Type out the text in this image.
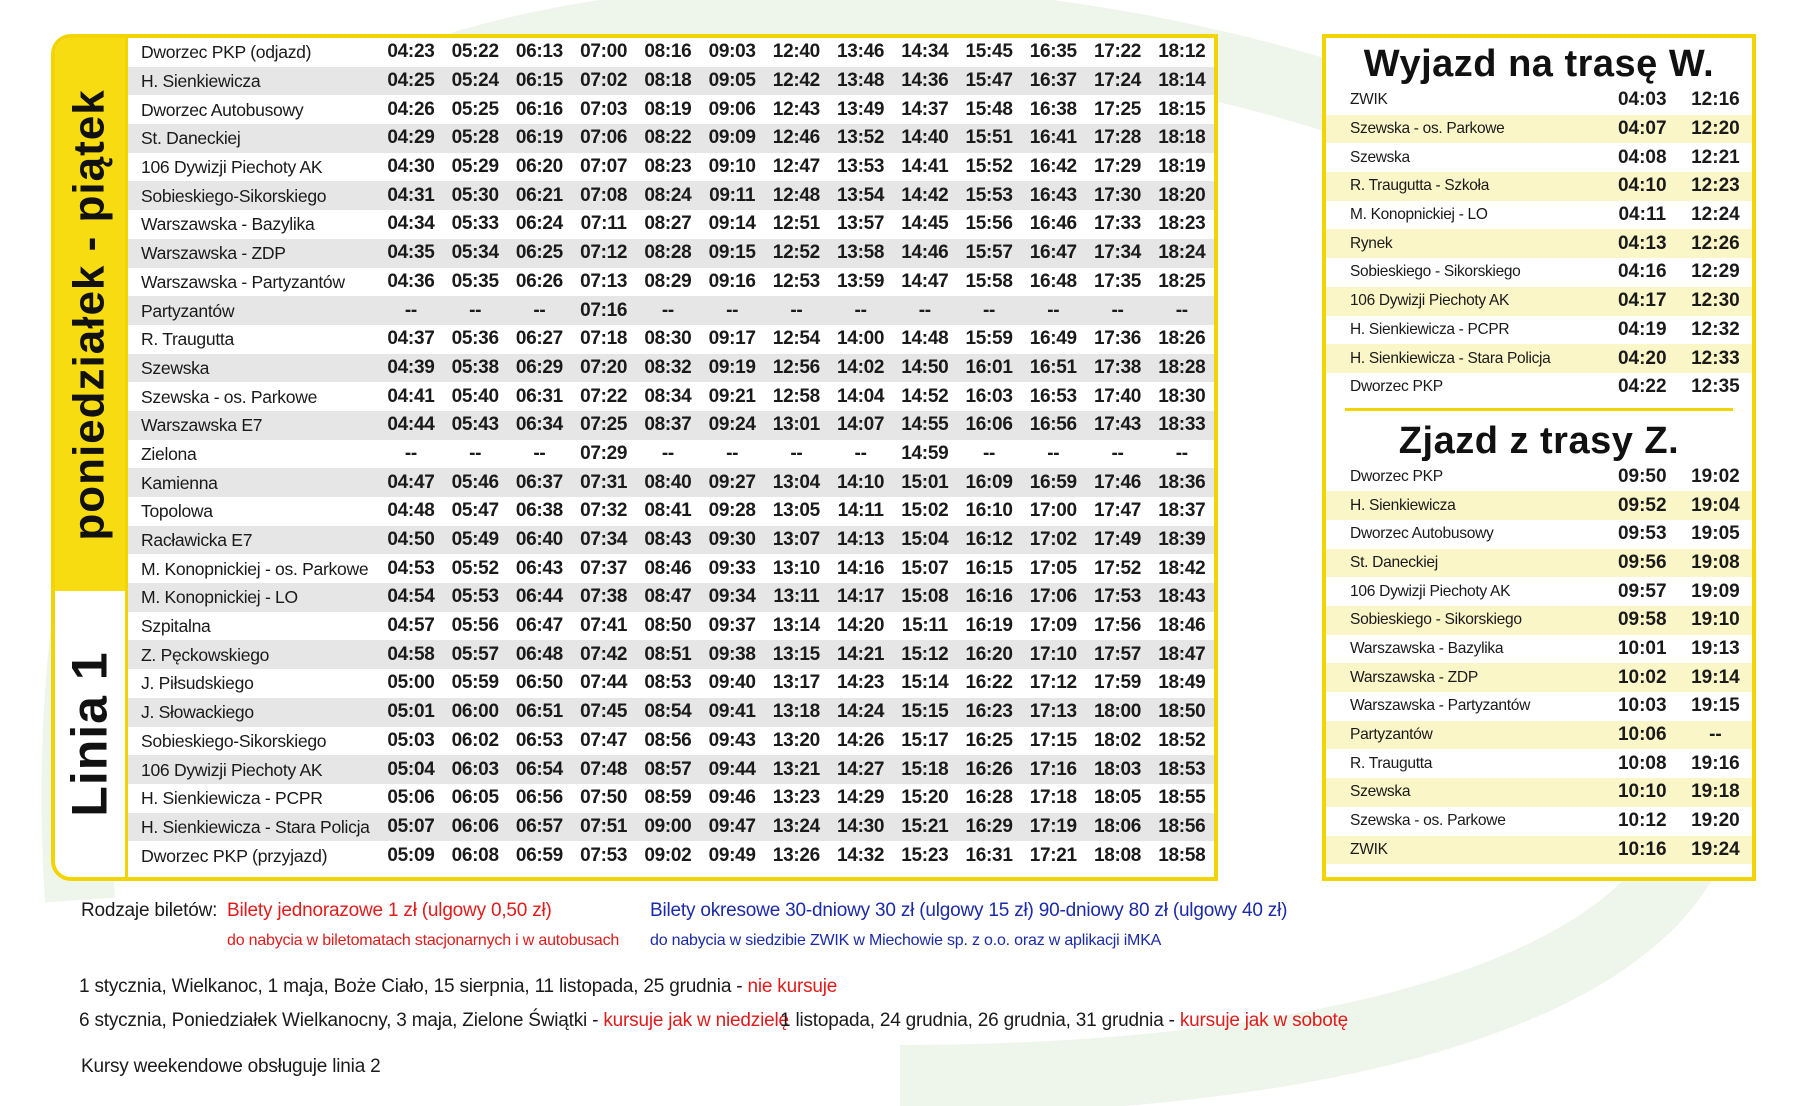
poniedziałek - piątek
Linia 1
Dworzec PKP (odjazd)	04:23	05:22	06:13	07:00	08:16	09:03	12:40	13:46	14:34	15:45	16:35	17:22	18:12
H. Sienkiewicza	04:25	05:24	06:15	07:02	08:18	09:05	12:42	13:48	14:36	15:47	16:37	17:24	18:14
Dworzec Autobusowy	04:26	05:25	06:16	07:03	08:19	09:06	12:43	13:49	14:37	15:48	16:38	17:25	18:15
St. Daneckiej	04:29	05:28	06:19	07:06	08:22	09:09	12:46	13:52	14:40	15:51	16:41	17:28	18:18
106 Dywizji Piechoty AK	04:30	05:29	06:20	07:07	08:23	09:10	12:47	13:53	14:41	15:52	16:42	17:29	18:19
Sobieskiego-Sikorskiego	04:31	05:30	06:21	07:08	08:24	09:11	12:48	13:54	14:42	15:53	16:43	17:30	18:20
Warszawska - Bazylika	04:34	05:33	06:24	07:11	08:27	09:14	12:51	13:57	14:45	15:56	16:46	17:33	18:23
Warszawska - ZDP	04:35	05:34	06:25	07:12	08:28	09:15	12:52	13:58	14:46	15:57	16:47	17:34	18:24
Warszawska - Partyzantów	04:36	05:35	06:26	07:13	08:29	09:16	12:53	13:59	14:47	15:58	16:48	17:35	18:25
Partyzantów	--	--	--	07:16	--	--	--	--	--	--	--	--	--
R. Traugutta	04:37	05:36	06:27	07:18	08:30	09:17	12:54	14:00	14:48	15:59	16:49	17:36	18:26
Szewska	04:39	05:38	06:29	07:20	08:32	09:19	12:56	14:02	14:50	16:01	16:51	17:38	18:28
Szewska - os. Parkowe	04:41	05:40	06:31	07:22	08:34	09:21	12:58	14:04	14:52	16:03	16:53	17:40	18:30
Warszawska E7	04:44	05:43	06:34	07:25	08:37	09:24	13:01	14:07	14:55	16:06	16:56	17:43	18:33
Zielona	--	--	--	07:29	--	--	--	--	14:59	--	--	--	--
Kamienna	04:47	05:46	06:37	07:31	08:40	09:27	13:04	14:10	15:01	16:09	16:59	17:46	18:36
Topolowa	04:48	05:47	06:38	07:32	08:41	09:28	13:05	14:11	15:02	16:10	17:00	17:47	18:37
Racławicka E7	04:50	05:49	06:40	07:34	08:43	09:30	13:07	14:13	15:04	16:12	17:02	17:49	18:39
M. Konopnickiej - os. Parkowe	04:53	05:52	06:43	07:37	08:46	09:33	13:10	14:16	15:07	16:15	17:05	17:52	18:42
M. Konopnickiej - LO	04:54	05:53	06:44	07:38	08:47	09:34	13:11	14:17	15:08	16:16	17:06	17:53	18:43
Szpitalna	04:57	05:56	06:47	07:41	08:50	09:37	13:14	14:20	15:11	16:19	17:09	17:56	18:46
Z. Pęckowskiego	04:58	05:57	06:48	07:42	08:51	09:38	13:15	14:21	15:12	16:20	17:10	17:57	18:47
J. Piłsudskiego	05:00	05:59	06:50	07:44	08:53	09:40	13:17	14:23	15:14	16:22	17:12	17:59	18:49
J. Słowackiego	05:01	06:00	06:51	07:45	08:54	09:41	13:18	14:24	15:15	16:23	17:13	18:00	18:50
Sobieskiego-Sikorskiego	05:03	06:02	06:53	07:47	08:56	09:43	13:20	14:26	15:17	16:25	17:15	18:02	18:52
106 Dywizji Piechoty AK	05:04	06:03	06:54	07:48	08:57	09:44	13:21	14:27	15:18	16:26	17:16	18:03	18:53
H. Sienkiewicza - PCPR	05:06	06:05	06:56	07:50	08:59	09:46	13:23	14:29	15:20	16:28	17:18	18:05	18:55
H. Sienkiewicza - Stara Policja	05:07	06:06	06:57	07:51	09:00	09:47	13:24	14:30	15:21	16:29	17:19	18:06	18:56
Dworzec PKP (przyjazd)	05:09	06:08	06:59	07:53	09:02	09:49	13:26	14:32	15:23	16:31	17:21	18:08	18:58
Wyjazd na trasę W.
ZWIK	04:03	12:16
Szewska - os. Parkowe	04:07	12:20
Szewska	04:08	12:21
R. Traugutta - Szkoła	04:10	12:23
M. Konopnickiej - LO	04:11	12:24
Rynek	04:13	12:26
Sobieskiego - Sikorskiego	04:16	12:29
106 Dywizji Piechoty AK	04:17	12:30
H. Sienkiewicza - PCPR	04:19	12:32
H. Sienkiewicza - Stara Policja	04:20	12:33
Dworzec PKP	04:22	12:35
Zjazd z trasy Z.
Dworzec PKP	09:50	19:02
H. Sienkiewicza	09:52	19:04
Dworzec Autobusowy	09:53	19:05
St. Daneckiej	09:56	19:08
106 Dywizji Piechoty AK	09:57	19:09
Sobieskiego - Sikorskiego	09:58	19:10
Warszawska - Bazylika	10:01	19:13
Warszawska - ZDP	10:02	19:14
Warszawska - Partyzantów	10:03	19:15
Partyzantów	10:06	--
R. Traugutta	10:08	19:16
Szewska	10:10	19:18
Szewska - os. Parkowe	10:12	19:20
ZWIK	10:16	19:24
Rodzaje biletów: Bilety jednorazowe 1 zł (ulgowy 0,50 zł)
do nabycia w biletomatach stacjonarnych i w autobusach
Bilety okresowe 30-dniowy 30 zł (ulgowy 15 zł) 90-dniowy 80 zł (ulgowy 40 zł)
do nabycia w siedzibie ZWIK w Miechowie sp. z o.o. oraz w aplikacji iMKA
1 stycznia, Wielkanoc, 1 maja, Boże Ciało, 15 sierpnia, 11 listopada, 25 grudnia - nie kursuje
6 stycznia, Poniedziałek Wielkanocny, 3 maja, Zielone Świątki - kursuje jak w niedzielę
1 listopada, 24 grudnia, 26 grudnia, 31 grudnia - kursuje jak w sobotę
Kursy weekendowe obsługuje linia 2
